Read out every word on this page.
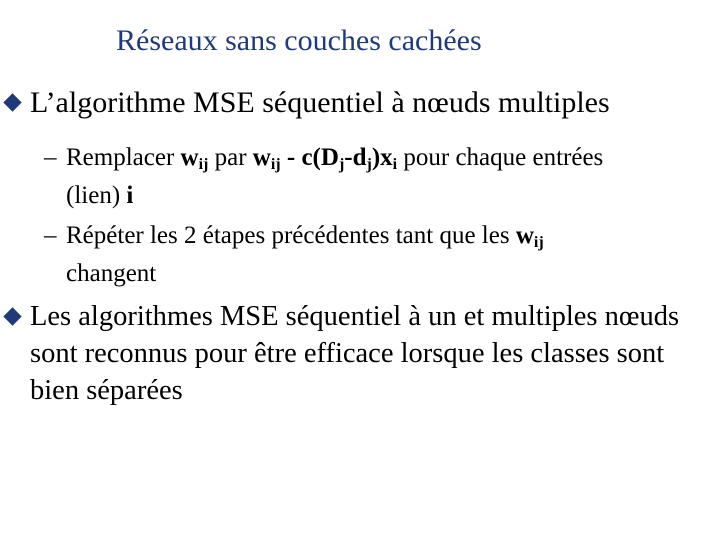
Réseaux sans couches cachées
L’algorithme MSE séquentiel à nœuds multiples
– Remplacer $w_{ij}$ par $w_{ij} - c(D_j-d_j)x_i$ pour chaque entrées
(lien) i
– Répéter les 2 étapes précédentes tant que les $w_{ij}$
changent
Les algorithmes MSE séquentiel à un et multiples nœuds sont reconnus pour être efficace lorsque les classes sont bien séparées
